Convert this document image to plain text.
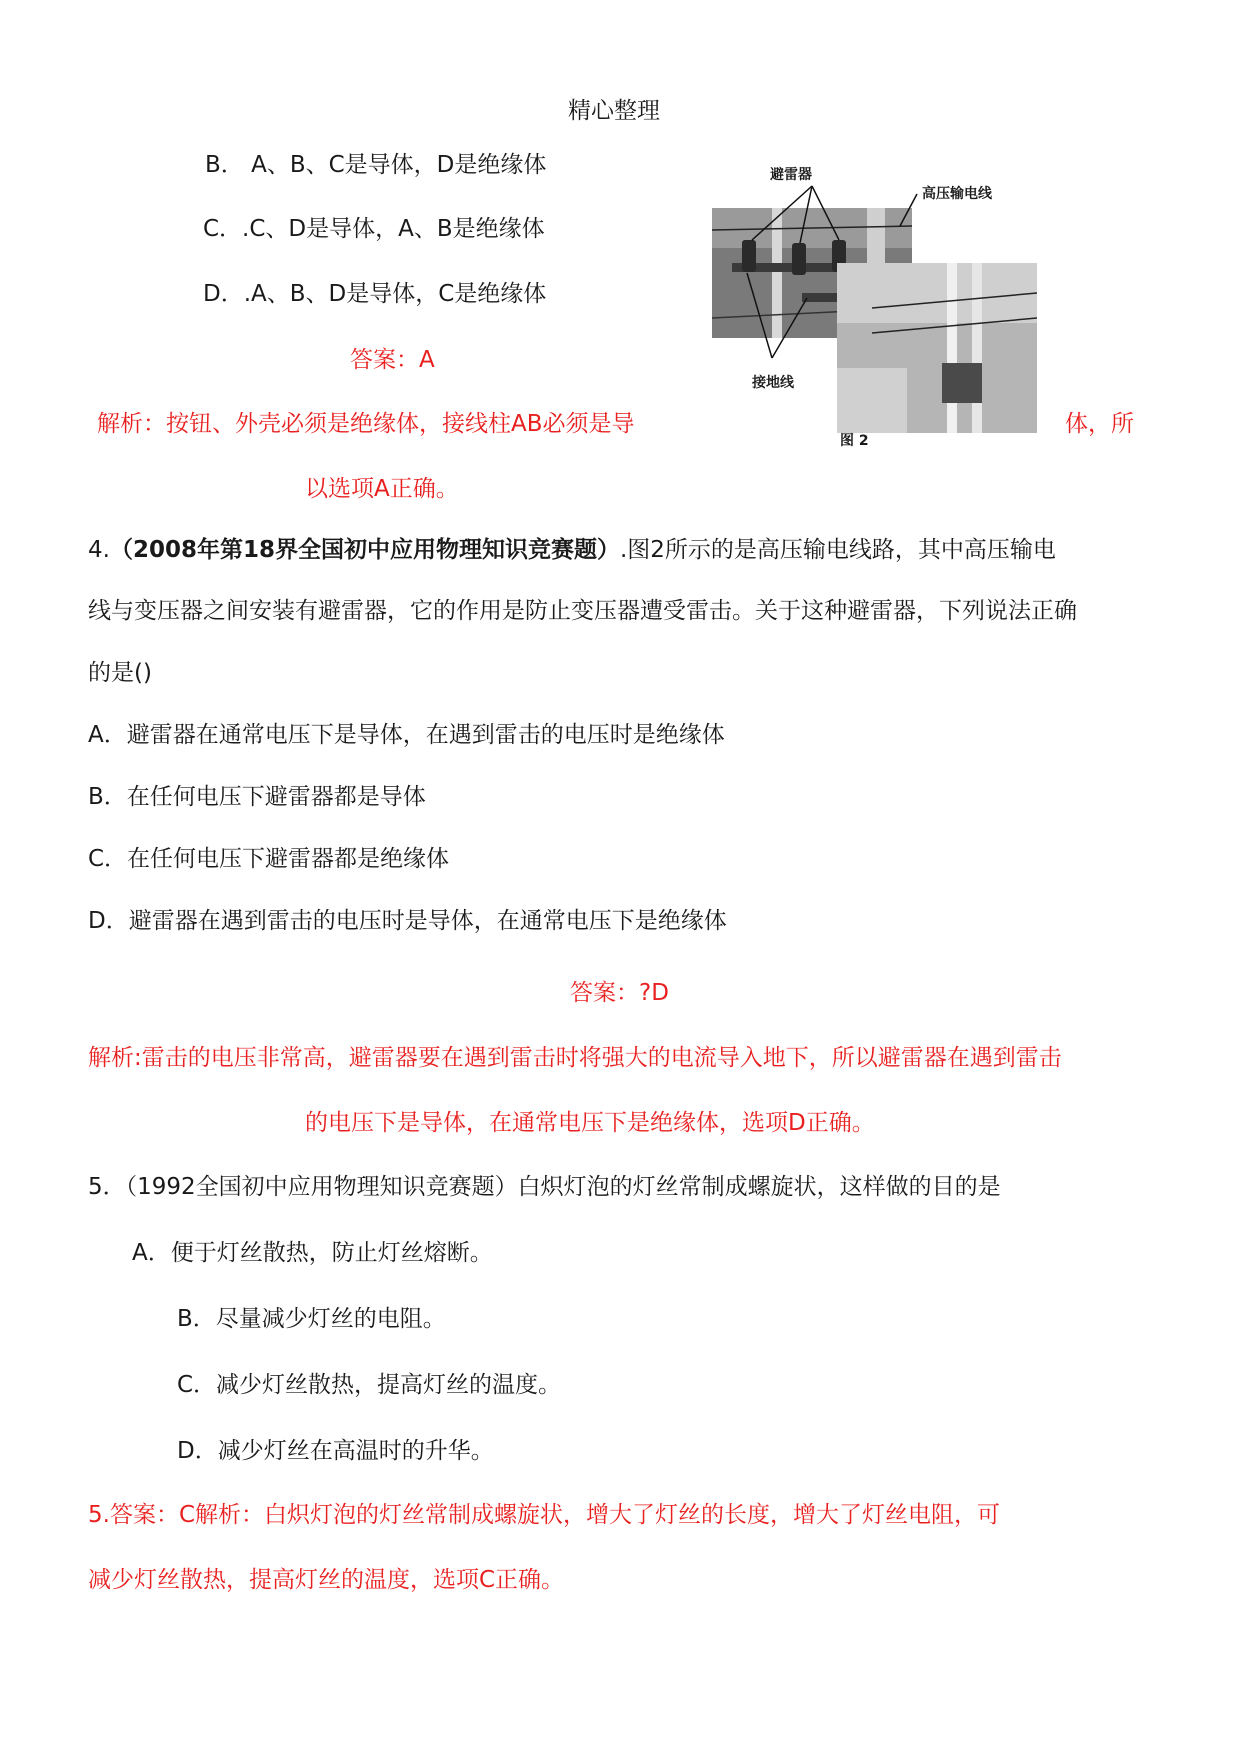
精心整理
B． A、B、C是导体，D是绝缘体
C．.C、D是导体，A、B是绝缘体
D．.A、B、D是导体，C是绝缘体
答案：A
解析：按钮、外壳必须是绝缘体，接线柱AB必须是导	体，所
以选项A正确。
避雷器
高压输电线
接地线
图 2
4.（2008年第18界全国初中应用物理知识竞赛题）.图2所示的是高压输电线路，其中高压输电
线与变压器之间安装有避雷器，它的作用是防止变压器遭受雷击。关于这种避雷器，下列说法正确
的是()
A．避雷器在通常电压下是导体，在遇到雷击的电压时是绝缘体
B．在任何电压下避雷器都是导体
C．在任何电压下避雷器都是绝缘体
D．避雷器在遇到雷击的电压时是导体，在通常电压下是绝缘体
答案：?D
解析:雷击的电压非常高，避雷器要在遇到雷击时将强大的电流导入地下，所以避雷器在遇到雷击
的电压下是导体，在通常电压下是绝缘体，选项D正确。
5．（1992全国初中应用物理知识竞赛题）白炽灯泡的灯丝常制成螺旋状，这样做的目的是
A．便于灯丝散热，防止灯丝熔断。
B．尽量减少灯丝的电阻。
C．减少灯丝散热，提高灯丝的温度。
D．减少灯丝在高温时的升华。
5.答案：C解析：白炽灯泡的灯丝常制成螺旋状，增大了灯丝的长度，增大了灯丝电阻，可
减少灯丝散热，提高灯丝的温度，选项C正确。
